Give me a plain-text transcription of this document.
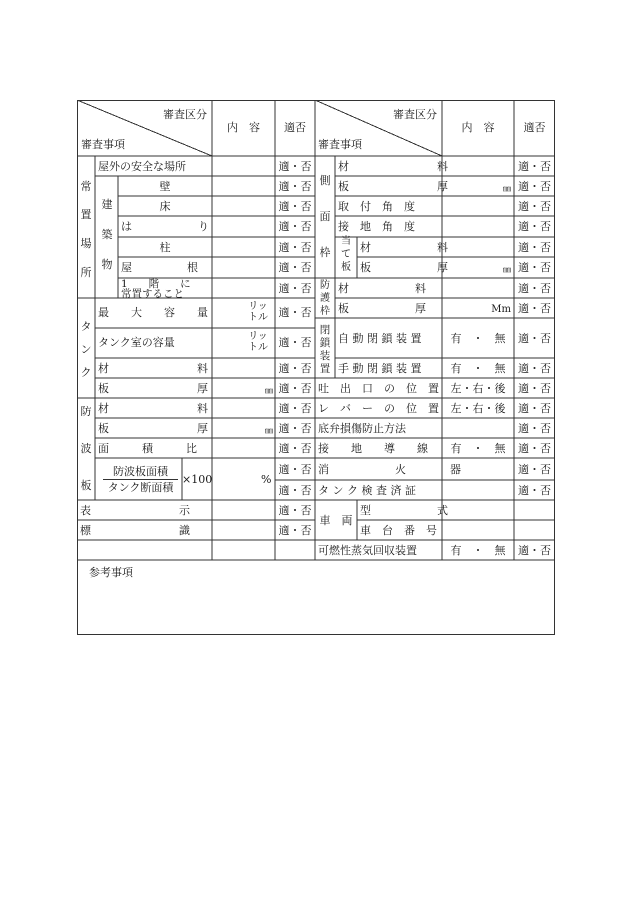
審査区分
審査事項
内　容	適否
審査区分
審査事項
内　容	適否
常
置
場
所
屋外の安全な場所
建
築
物
壁
床
は　　　　　　り
柱
屋　　　　　根
1　　階　　に
常置すること
タ
ン
ク
最　　大　　容　　量
タンク室の容量
材　　　　　　　　料
板　　　　　　　　厚
防
波
板
材　　　　　　　　料
板　　　　　　　　厚
面　　　積　　　比
防波板面積
タンク断面積
×100
表　　　　　　　　示
標　　　　　　　　識
リッ
トル
リッ
トル
㎜
㎜
%
適・否
適・否
適・否
適・否
適・否
適・否
適・否
適・否
適・否
適・否
適・否
適・否
適・否
適・否
適・否
適・否
適・否
適・否
側
面
枠
材　　　　　　　　料
板　　　　　　　　厚
取　付　角　度
接　地　角　度
当
て
板
材　　　　　　料
板　　　　　　厚
防
護
枠
材　　　　　　料
板　　　　　　厚
閉
鎖
装
置
自 動 閉 鎖 装 置
手 動 閉 鎖 装 置
吐　出　口　の　位　置
レ　バ　ー　の　位　置
底弁損傷防止方法
接　　地　　導　　線
消　　　　　　火　　　　器
タ ン ク 検 査 済 証
車　両
型　　　　　　式
車　台　番　号
可燃性蒸気回収装置
㎜
㎜
Mm
有　・　無
有　・　無
左・右・後
左・右・後
有　・　無
有　・　無
適・否
適・否
適・否
適・否
適・否
適・否
適・否
適・否
適・否
適・否
適・否
適・否
適・否
適・否
適・否
適・否
適・否
参考事項
